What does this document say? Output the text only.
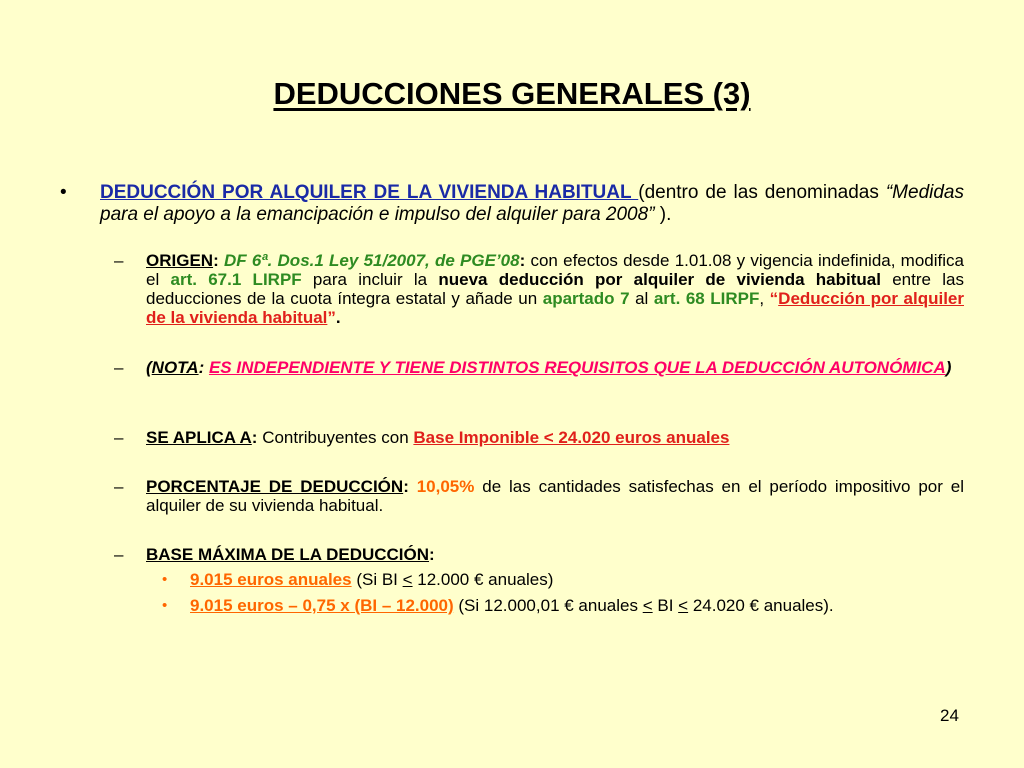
DEDUCCIONES GENERALES (3)
• DEDUCCIÓN POR ALQUILER DE LA VIVIENDA HABITUAL (dentro de las denominadas “Medidas para el apoyo a la emancipación e impulso del alquiler para 2008” ).
– ORIGEN: DF 6ª. Dos.1 Ley 51/2007, de PGE’08: con efectos desde 1.01.08 y vigencia indefinida, modifica el art. 67.1 LIRPF para incluir la nueva deducción por alquiler de vivienda habitual entre las deducciones de la cuota íntegra estatal y añade un apartado 7 al art. 68 LIRPF, “Deducción por alquiler de la vivienda habitual”.
– (NOTA: ES INDEPENDIENTE Y TIENE DISTINTOS REQUISITOS QUE LA DEDUCCIÓN AUTONÓMICA)
– SE APLICA A: Contribuyentes con Base Imponible < 24.020 euros anuales
– PORCENTAJE DE DEDUCCIÓN: 10,05% de las cantidades satisfechas en el período impositivo por el alquiler de su vivienda habitual.
– BASE MÁXIMA DE LA DEDUCCIÓN:
• 9.015 euros anuales (Si BI < 12.000 € anuales)
• 9.015 euros – 0,75 x (BI – 12.000) (Si 12.000,01 € anuales < BI < 24.020 € anuales).
24
